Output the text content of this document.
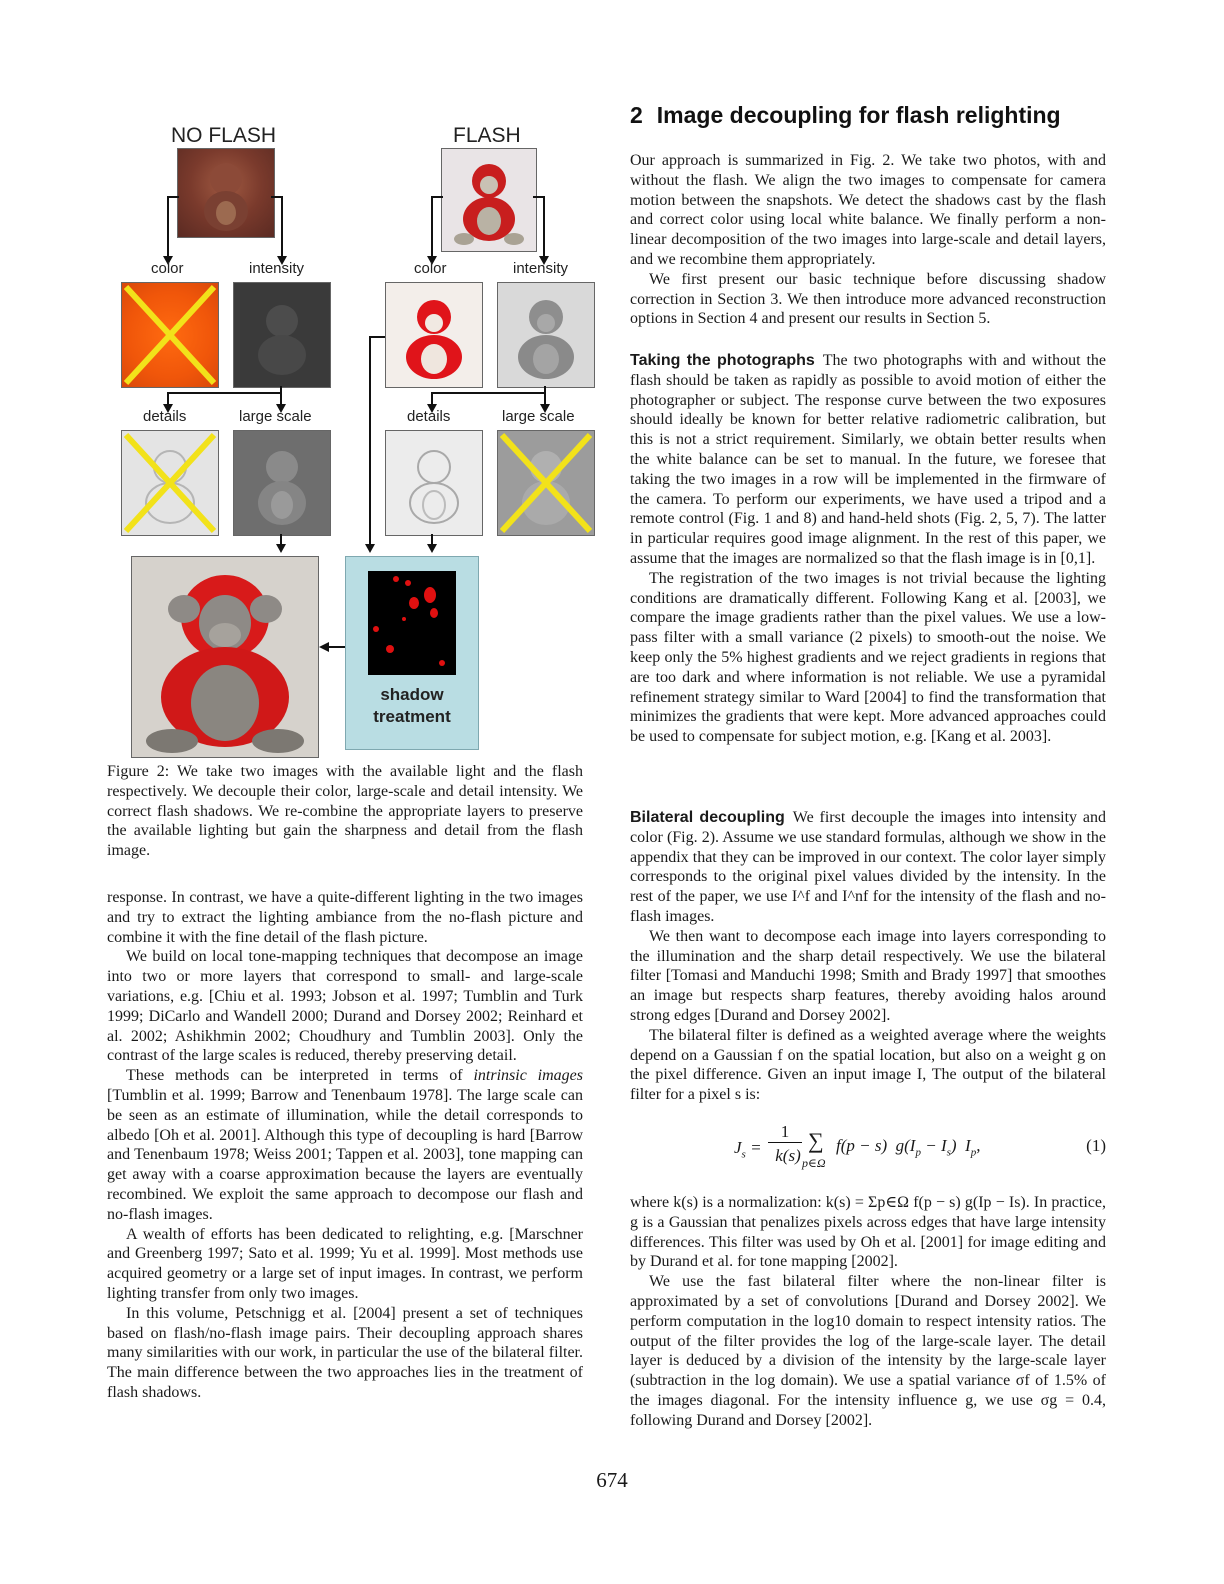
NO FLASH	FLASH
color	intensity	color	intensity
details	large scale	details	large scale
shadow
treatment

Figure 2: We take two images with the available light and the flash respectively. We decouple their color, large-scale and detail intensity. We correct flash shadows. We re-combine the appropriate layers to preserve the available lighting but gain the sharpness and detail from the flash image.

response. In contrast, we have a quite-different lighting in the two images and try to extract the lighting ambiance from the no-flash picture and combine it with the fine detail of the flash picture.

We build on local tone-mapping techniques that decompose an image into two or more layers that correspond to small- and large-scale variations, e.g. [Chiu et al. 1993; Jobson et al. 1997; Tumblin and Turk 1999; DiCarlo and Wandell 2000; Durand and Dorsey 2002; Reinhard et al. 2002; Ashikhmin 2002; Choudhury and Tumblin 2003]. Only the contrast of the large scales is reduced, thereby preserving detail.

These methods can be interpreted in terms of intrinsic images [Tumblin et al. 1999; Barrow and Tenenbaum 1978]. The large scale can be seen as an estimate of illumination, while the detail corresponds to albedo [Oh et al. 2001]. Although this type of decoupling is hard [Barrow and Tenenbaum 1978; Weiss 2001; Tappen et al. 2003], tone mapping can get away with a coarse approximation because the layers are eventually recombined. We exploit the same approach to decompose our flash and no-flash images.

A wealth of efforts has been dedicated to relighting, e.g. [Marschner and Greenberg 1997; Sato et al. 1999; Yu et al. 1999]. Most methods use acquired geometry or a large set of input images. In contrast, we perform lighting transfer from only two images.

In this volume, Petschnigg et al. [2004] present a set of techniques based on flash/no-flash image pairs. Their decoupling approach shares many similarities with our work, in particular the use of the bilateral filter. The main difference between the two approaches lies in the treatment of flash shadows.

2 Image decoupling for flash relighting

Our approach is summarized in Fig. 2. We take two photos, with and without the flash. We align the two images to compensate for camera motion between the snapshots. We detect the shadows cast by the flash and correct color using local white balance. We finally perform a non-linear decomposition of the two images into large-scale and detail layers, and we recombine them appropriately.

We first present our basic technique before discussing shadow correction in Section 3. We then introduce more advanced reconstruction options in Section 4 and present our results in Section 5.

Taking the photographs The two photographs with and without the flash should be taken as rapidly as possible to avoid motion of either the photographer or subject. The response curve between the two exposures should ideally be known for better relative radiometric calibration, but this is not a strict requirement. Similarly, we obtain better results when the white balance can be set to manual. In the future, we foresee that taking the two images in a row will be implemented in the firmware of the camera. To perform our experiments, we have used a tripod and a remote control (Fig. 1 and 8) and hand-held shots (Fig. 2, 5, 7). The latter in particular requires good image alignment. In the rest of this paper, we assume that the images are normalized so that the flash image is in [0,1].

The registration of the two images is not trivial because the lighting conditions are dramatically different. Following Kang et al. [2003], we compare the image gradients rather than the pixel values. We use a low-pass filter with a small variance (2 pixels) to smooth-out the noise. We keep only the 5% highest gradients and we reject gradients in regions that are too dark and where information is not reliable. We use a pyramidal refinement strategy similar to Ward [2004] to find the transformation that minimizes the gradients that were kept. More advanced approaches could be used to compensate for subject motion, e.g. [Kang et al. 2003].

Bilateral decoupling We first decouple the images into intensity and color (Fig. 2). Assume we use standard formulas, although we show in the appendix that they can be improved in our context. The color layer simply corresponds to the original pixel values divided by the intensity. In the rest of the paper, we use I^f and I^nf for the intensity of the flash and no-flash images.

We then want to decompose each image into layers corresponding to the illumination and the sharp detail respectively. We use the bilateral filter [Tomasi and Manduchi 1998; Smith and Brady 1997] that smoothes an image but respects sharp features, thereby avoiding halos around strong edges [Durand and Dorsey 2002].

The bilateral filter is defined as a weighted average where the weights depend on a Gaussian f on the spatial location, but also on a weight g on the pixel difference. Given an input image I, The output of the bilateral filter for a pixel s is:

$J_s$ =
1
k(s)
∑
p∈Ω
f(p − s)  $g(I_p - I_s)$  $I_p$,	(1)

where k(s) is a normalization: k(s) = Σp∈Ω f(p − s) g(Ip − Is). In practice, g is a Gaussian that penalizes pixels across edges that have large intensity differences. This filter was used by Oh et al. [2001] for image editing and by Durand et al. for tone mapping [2002].

We use the fast bilateral filter where the non-linear filter is approximated by a set of convolutions [Durand and Dorsey 2002]. We perform computation in the log10 domain to respect intensity ratios. The output of the filter provides the log of the large-scale layer. The detail layer is deduced by a division of the intensity by the large-scale layer (subtraction in the log domain). We use a spatial variance σf of 1.5% of the images diagonal. For the intensity influence g, we use σg = 0.4, following Durand and Dorsey [2002].

674
